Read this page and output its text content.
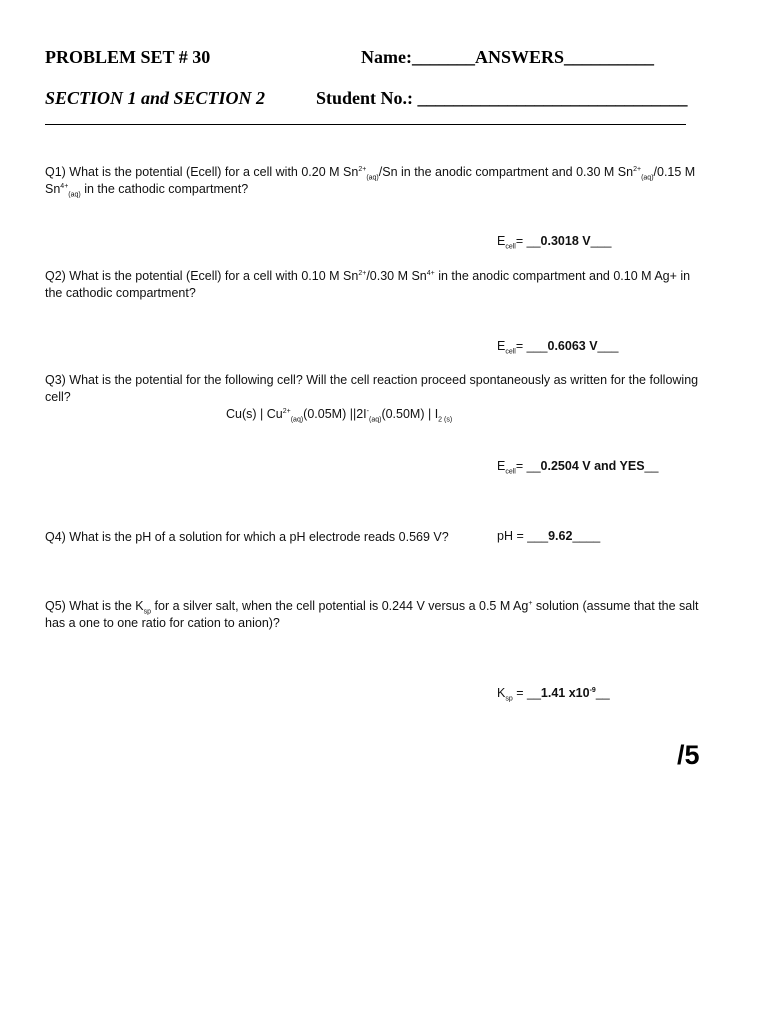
PROBLEM SET # 30	Name:_______ANSWERS__________
SECTION 1 and SECTION 2	Student No.: ______________________________
Q1) What is the potential (Ecell) for a cell with 0.20 M $Sn^{2+}_{(aq)}/Sn$ in the anodic compartment and 0.30 M $Sn^{2+}_{(aq)}/0.15$ M
$Sn^{4+}_{(aq)}$ in the cathodic compartment?
$E_{cell}=$ __0.3018 V___
Q2) What is the potential (Ecell) for a cell with 0.10 M $Sn^{2+}/0.30$ M $Sn^{4+}$ in the anodic compartment and 0.10 M Ag+ in
the cathodic compartment?
$E_{cell}=$ ___0.6063 V___
Q3) What is the potential for the following cell? Will the cell reaction proceed spontaneously as written for the following
cell?
Cu(s) | $Cu^{2+}_{(aq)}(0.05M)$ $||2I^-_{(aq)}(0.50M)$ | $I_{2 (s)}$
$E_{cell}=$ __0.2504 V and YES__
Q4) What is the pH of a solution for which a pH electrode reads 0.569 V?	pH = ___9.62____
Q5) What is the $K_{sp}$ for a silver salt, when the cell potential is 0.244 V versus a 0.5 M Ag+ solution (assume that the salt
has a one to one ratio for cation to anion)?
$K_{sp}$ = __1.41 $x10^{-9}\_\_$
/5
